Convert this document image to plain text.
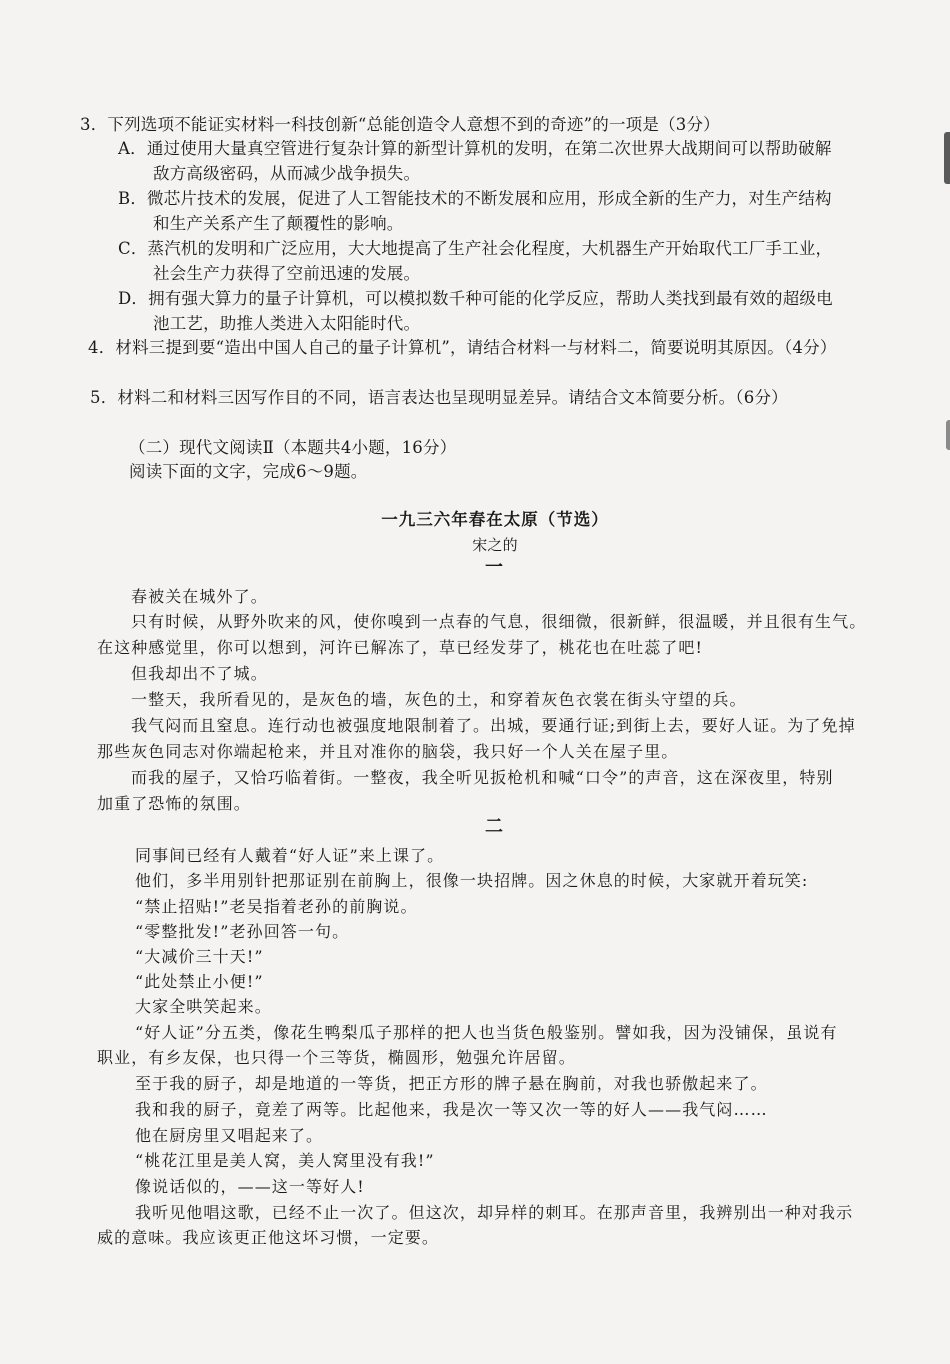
3．下列选项不能证实材料一科技创新“总能创造令人意想不到的奇迹”的一项是（3分）
A．通过使用大量真空管进行复杂计算的新型计算机的发明，在第二次世界大战期间可以帮助破解
敌方高级密码，从而减少战争损失。
B．微芯片技术的发展，促进了人工智能技术的不断发展和应用，形成全新的生产力，对生产结构
和生产关系产生了颠覆性的影响。
C．蒸汽机的发明和广泛应用，大大地提高了生产社会化程度，大机器生产开始取代工厂手工业，
社会生产力获得了空前迅速的发展。
D．拥有强大算力的量子计算机，可以模拟数千种可能的化学反应，帮助人类找到最有效的超级电
池工艺，助推人类进入太阳能时代。
4．材料三提到要“造出中国人自己的量子计算机”，请结合材料一与材料二，简要说明其原因。（4分）
5．材料二和材料三因写作目的不同，语言表达也呈现明显差异。请结合文本简要分析。（6分）
（二）现代文阅读Ⅱ（本题共4小题，16分）
阅读下面的文字，完成6～9题。
一九三六年春在太原（节选）
宋之的
一
春被关在城外了。
只有时候，从野外吹来的风，使你嗅到一点春的气息，很细微，很新鲜，很温暖，并且很有生气。
在这种感觉里，你可以想到，河许已解冻了，草已经发芽了，桃花也在吐蕊了吧!
但我却出不了城。
一整天，我所看见的，是灰色的墙，灰色的土，和穿着灰色衣裳在街头守望的兵。
我气闷而且窒息。连行动也被强度地限制着了。出城，要通行证;到街上去，要好人证。为了免掉
那些灰色同志对你端起枪来，并且对准你的脑袋，我只好一个人关在屋子里。
而我的屋子，又恰巧临着街。一整夜，我全听见扳枪机和喊“口令”的声音，这在深夜里，特别
加重了恐怖的氛围。
二
同事间已经有人戴着“好人证”来上课了。
他们，多半用别针把那证别在前胸上，很像一块招牌。因之休息的时候，大家就开着玩笑:
“禁止招贴!”老吴指着老孙的前胸说。
“零整批发!”老孙回答一句。
“大减价三十天!”
“此处禁止小便!”
大家全哄笑起来。
“好人证”分五类，像花生鸭梨瓜子那样的把人也当货色般鉴别。譬如我，因为没铺保，虽说有
职业，有乡友保，也只得一个三等货，椭圆形，勉强允许居留。
至于我的厨子，却是地道的一等货，把正方形的牌子悬在胸前，对我也骄傲起来了。
我和我的厨子，竟差了两等。比起他来，我是次一等又次一等的好人——我气闷……
他在厨房里又唱起来了。
“桃花江里是美人窝，美人窝里没有我!”
像说话似的，——这一等好人!
我听见他唱这歌，已经不止一次了。但这次，却异样的刺耳。在那声音里，我辨别出一种对我示
威的意味。我应该更正他这坏习惯，一定要。
